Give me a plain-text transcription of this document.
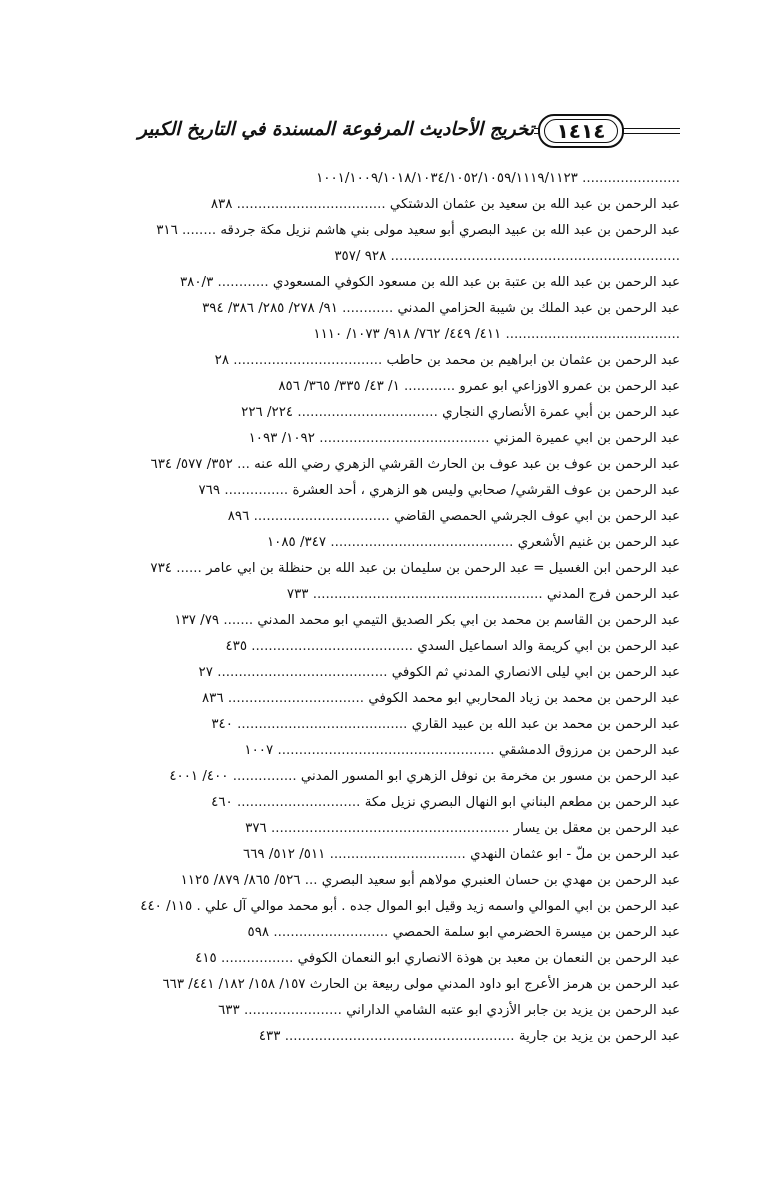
تخريج الأحاديث المرفوعة المسندة في التاريخ الكبير ١٤١٤
....................... ١٠٠١/١٠٠٩/١٠١٨/١٠٣٤/١٠٥٢/١٠٥٩/١١١٩/١١٢٣
عبد الرحمن بن عبد الله بن سعيد بن عثمان الدشتكي ................................... ٨٣٨
عبد الرحمن بن عبد الله بن عبيد البصري أبو سعيد مولى بني هاشم نزيل مكة جردقه ........ ٣١٦
.................................................................... ٩٢٨ /٣٥٧
عبد الرحمن بن عبد الله بن عتبة بن عبد الله بن مسعود الكوفي المسعودي ............ ٣٨٠/٣
عبد الرحمن بن عبد الملك بن شيبة الحزامي المدني ............ ٩١/ ٢٧٨/ ٢٨٥/ ٣٨٦/ ٣٩٤
......................................... ٤١١/ ٤٤٩/ ٧٦٢/ ٩١٨/ ١٠٧٣/ ١١١٠
عبد الرحمن بن عثمان بن ابراهيم بن محمد بن حاطب ................................... ٢٨
عبد الرحمن بن عمرو الاوزاعي ابو عمرو ............ ١/ ٤٣/ ٣٣٥/ ٣٦٥/ ٨٥٦
عبد الرحمن بن أبي عمرة الأنصاري النجاري ................................. ٢٢٤/ ٢٢٦
عبد الرحمن بن ابي عميرة المزني ........................................ ١٠٩٢/ ١٠٩٣
عبد الرحمن بن عوف بن عبد عوف بن الحارث القرشي الزهري رضي الله عنه ... ٣٥٢/ ٥٧٧/ ٦٣٤
عبد الرحمن بن عوف القرشي/ صحابي وليس هو الزهري ، أحد العشرة ............... ٧٦٩
عبد الرحمن بن ابي عوف الجرشي الحمصي القاضي ................................ ٨٩٦
عبد الرحمن بن غنيم الأشعري ........................................... ٣٤٧/ ١٠٨٥
عبد الرحمن ابن الغسيل = عبد الرحمن بن سليمان بن عبد الله بن حنظلة بن ابي عامر ...... ٧٣٤
عبد الرحمن فرج المدني ...................................................... ٧٣٣
عبد الرحمن بن القاسم بن محمد بن ابي بكر الصديق التيمي ابو محمد المدني ....... ٧٩/ ١٣٧
عبد الرحمن بن ابي كريمة والد اسماعيل السدي ...................................... ٤٣٥
عبد الرحمن بن ابي ليلى الانصاري المدني ثم الكوفي ........................................ ٢٧
عبد الرحمن بن محمد بن زياد المحاربي ابو محمد الكوفي ................................ ٨٣٦
عبد الرحمن بن محمد بن عبد الله بن عبيد القاري ........................................ ٣٤٠
عبد الرحمن بن مرزوق الدمشقي ................................................... ١٠٠٧
عبد الرحمن بن مسور بن مخرمة بن نوفل الزهري ابو المسور المدني ............... ٤٠٠/ ٤٠٠١
عبد الرحمن بن مطعم البناني ابو النهال البصري نزيل مكة ............................. ٤٦٠
عبد الرحمن بن معقل بن يسار ........................................................ ٣٧٦
عبد الرحمن بن ملّ - ابو عثمان النهدي ................................ ٥١١/ ٥١٢/ ٦٦٩
عبد الرحمن بن مهدي بن حسان العنبري مولاهم أبو سعيد البصري ... ٥٢٦/ ٨٦٥/ ٨٧٩/ ١١٢٥
عبد الرحمن بن ابي الموالي واسمه زيد وقيل ابو الموال جده . أبو محمد موالي آل علي . ١١٥/ ٤٤٠
عبد الرحمن بن ميسرة الحضرمي ابو سلمة الحمصي ........................... ٥٩٨
عبد الرحمن بن النعمان بن معبد بن هوذة الانصاري ابو النعمان الكوفي ................. ٤١٥
عبد الرحمن بن هرمز الأعرج ابو داود المدني مولى ربيعة بن الحارث ١٥٧/ ١٥٨/ ١٨٢/ ٤٤١/ ٦٦٣
عبد الرحمن بن يزيد بن جابر الأزدي ابو عتبه الشامي الداراني ....................... ٦٣٣
عبد الرحمن بن يزيد بن جارية ...................................................... ٤٣٣
